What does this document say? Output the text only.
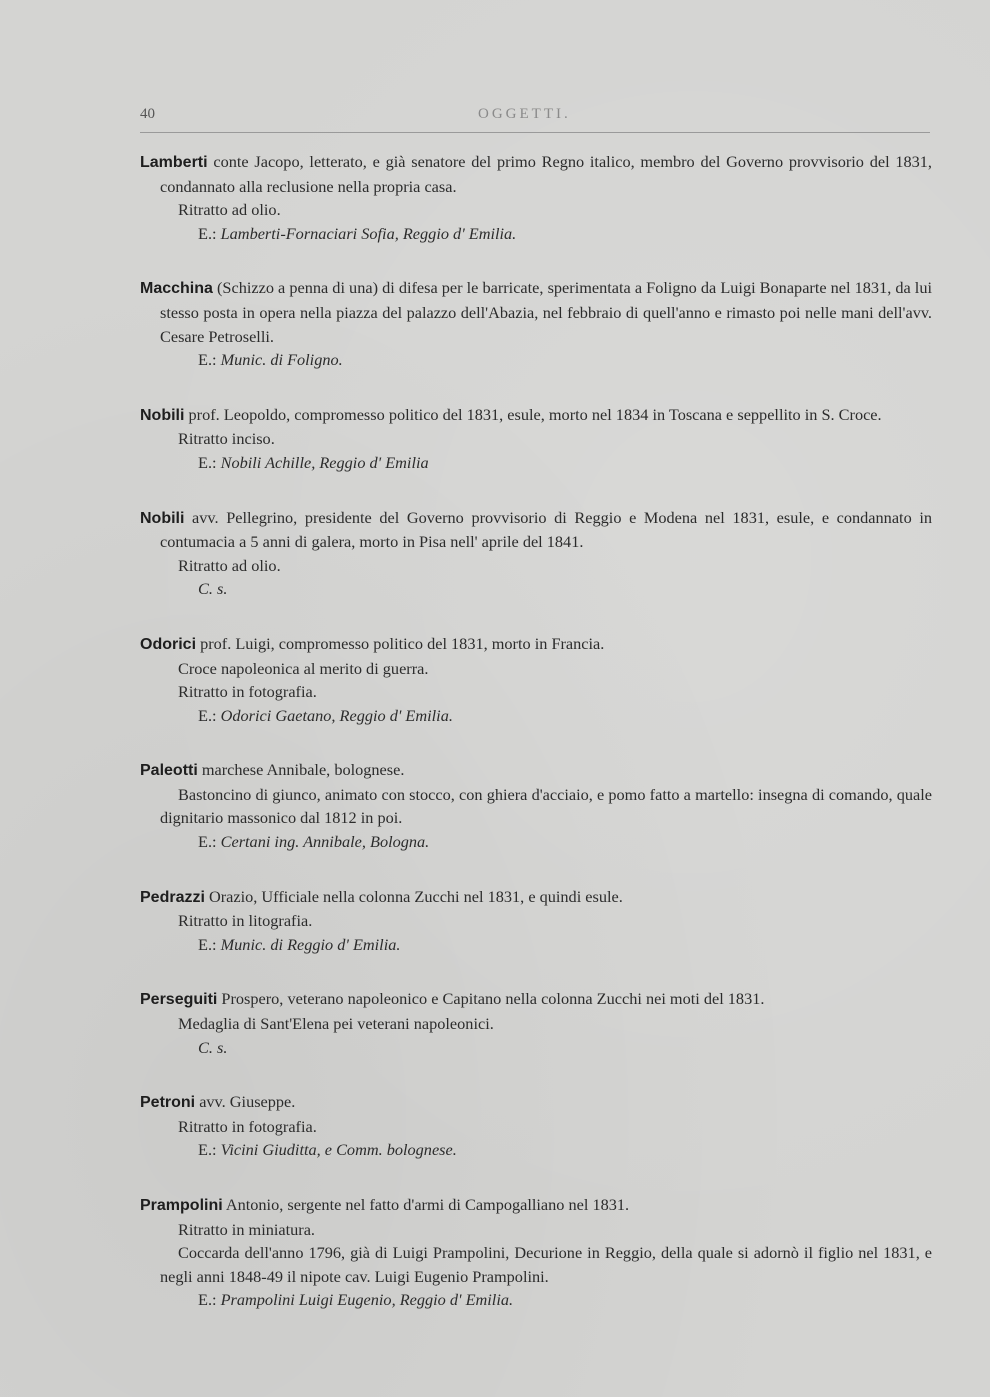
40	OGGETTI.

Lamberti conte Jacopo, letterato, e già senatore del primo Regno italico, membro del Governo provvisorio del 1831, condannato alla reclusione nella propria casa.

Ritratto ad olio.

E.: Lamberti-Fornaciari Sofia, Reggio d' Emilia.

Macchina (Schizzo a penna di una) di difesa per le barricate, sperimentata a Foligno da Luigi Bonaparte nel 1831, da lui stesso posta in opera nella piazza del palazzo dell'Abazia, nel febbraio di quell'anno e rimasto poi nelle mani dell'avv. Cesare Petroselli.

E.: Munic. di Foligno.

Nobili prof. Leopoldo, compromesso politico del 1831, esule, morto nel 1834 in Toscana e seppellito in S. Croce.

Ritratto inciso.

E.: Nobili Achille, Reggio d' Emilia

Nobili avv. Pellegrino, presidente del Governo provvisorio di Reggio e Modena nel 1831, esule, e condannato in contumacia a 5 anni di galera, morto in Pisa nell' aprile del 1841.

Ritratto ad olio.

C. s.

Odorici prof. Luigi, compromesso politico del 1831, morto in Francia.

Croce napoleonica al merito di guerra.

Ritratto in fotografia.

E.: Odorici Gaetano, Reggio d' Emilia.

Paleotti marchese Annibale, bolognese.

Bastoncino di giunco, animato con stocco, con ghiera d'acciaio, e pomo fatto a martello: insegna di comando, quale dignitario massonico dal 1812 in poi.

E.: Certani ing. Annibale, Bologna.

Pedrazzi Orazio, Ufficiale nella colonna Zucchi nel 1831, e quindi esule.

Ritratto in litografia.

E.: Munic. di Reggio d' Emilia.

Perseguiti Prospero, veterano napoleonico e Capitano nella colonna Zucchi nei moti del 1831.

Medaglia di Sant'Elena pei veterani napoleonici.

C. s.

Petroni avv. Giuseppe.

Ritratto in fotografia.

E.: Vicini Giuditta, e Comm. bolognese.

Prampolini Antonio, sergente nel fatto d'armi di Campogalliano nel 1831.

Ritratto in miniatura.

Coccarda dell'anno 1796, già di Luigi Prampolini, Decurione in Reggio, della quale si adornò il figlio nel 1831, e negli anni 1848-49 il nipote cav. Luigi Eugenio Prampolini.

E.: Prampolini Luigi Eugenio, Reggio d' Emilia.
